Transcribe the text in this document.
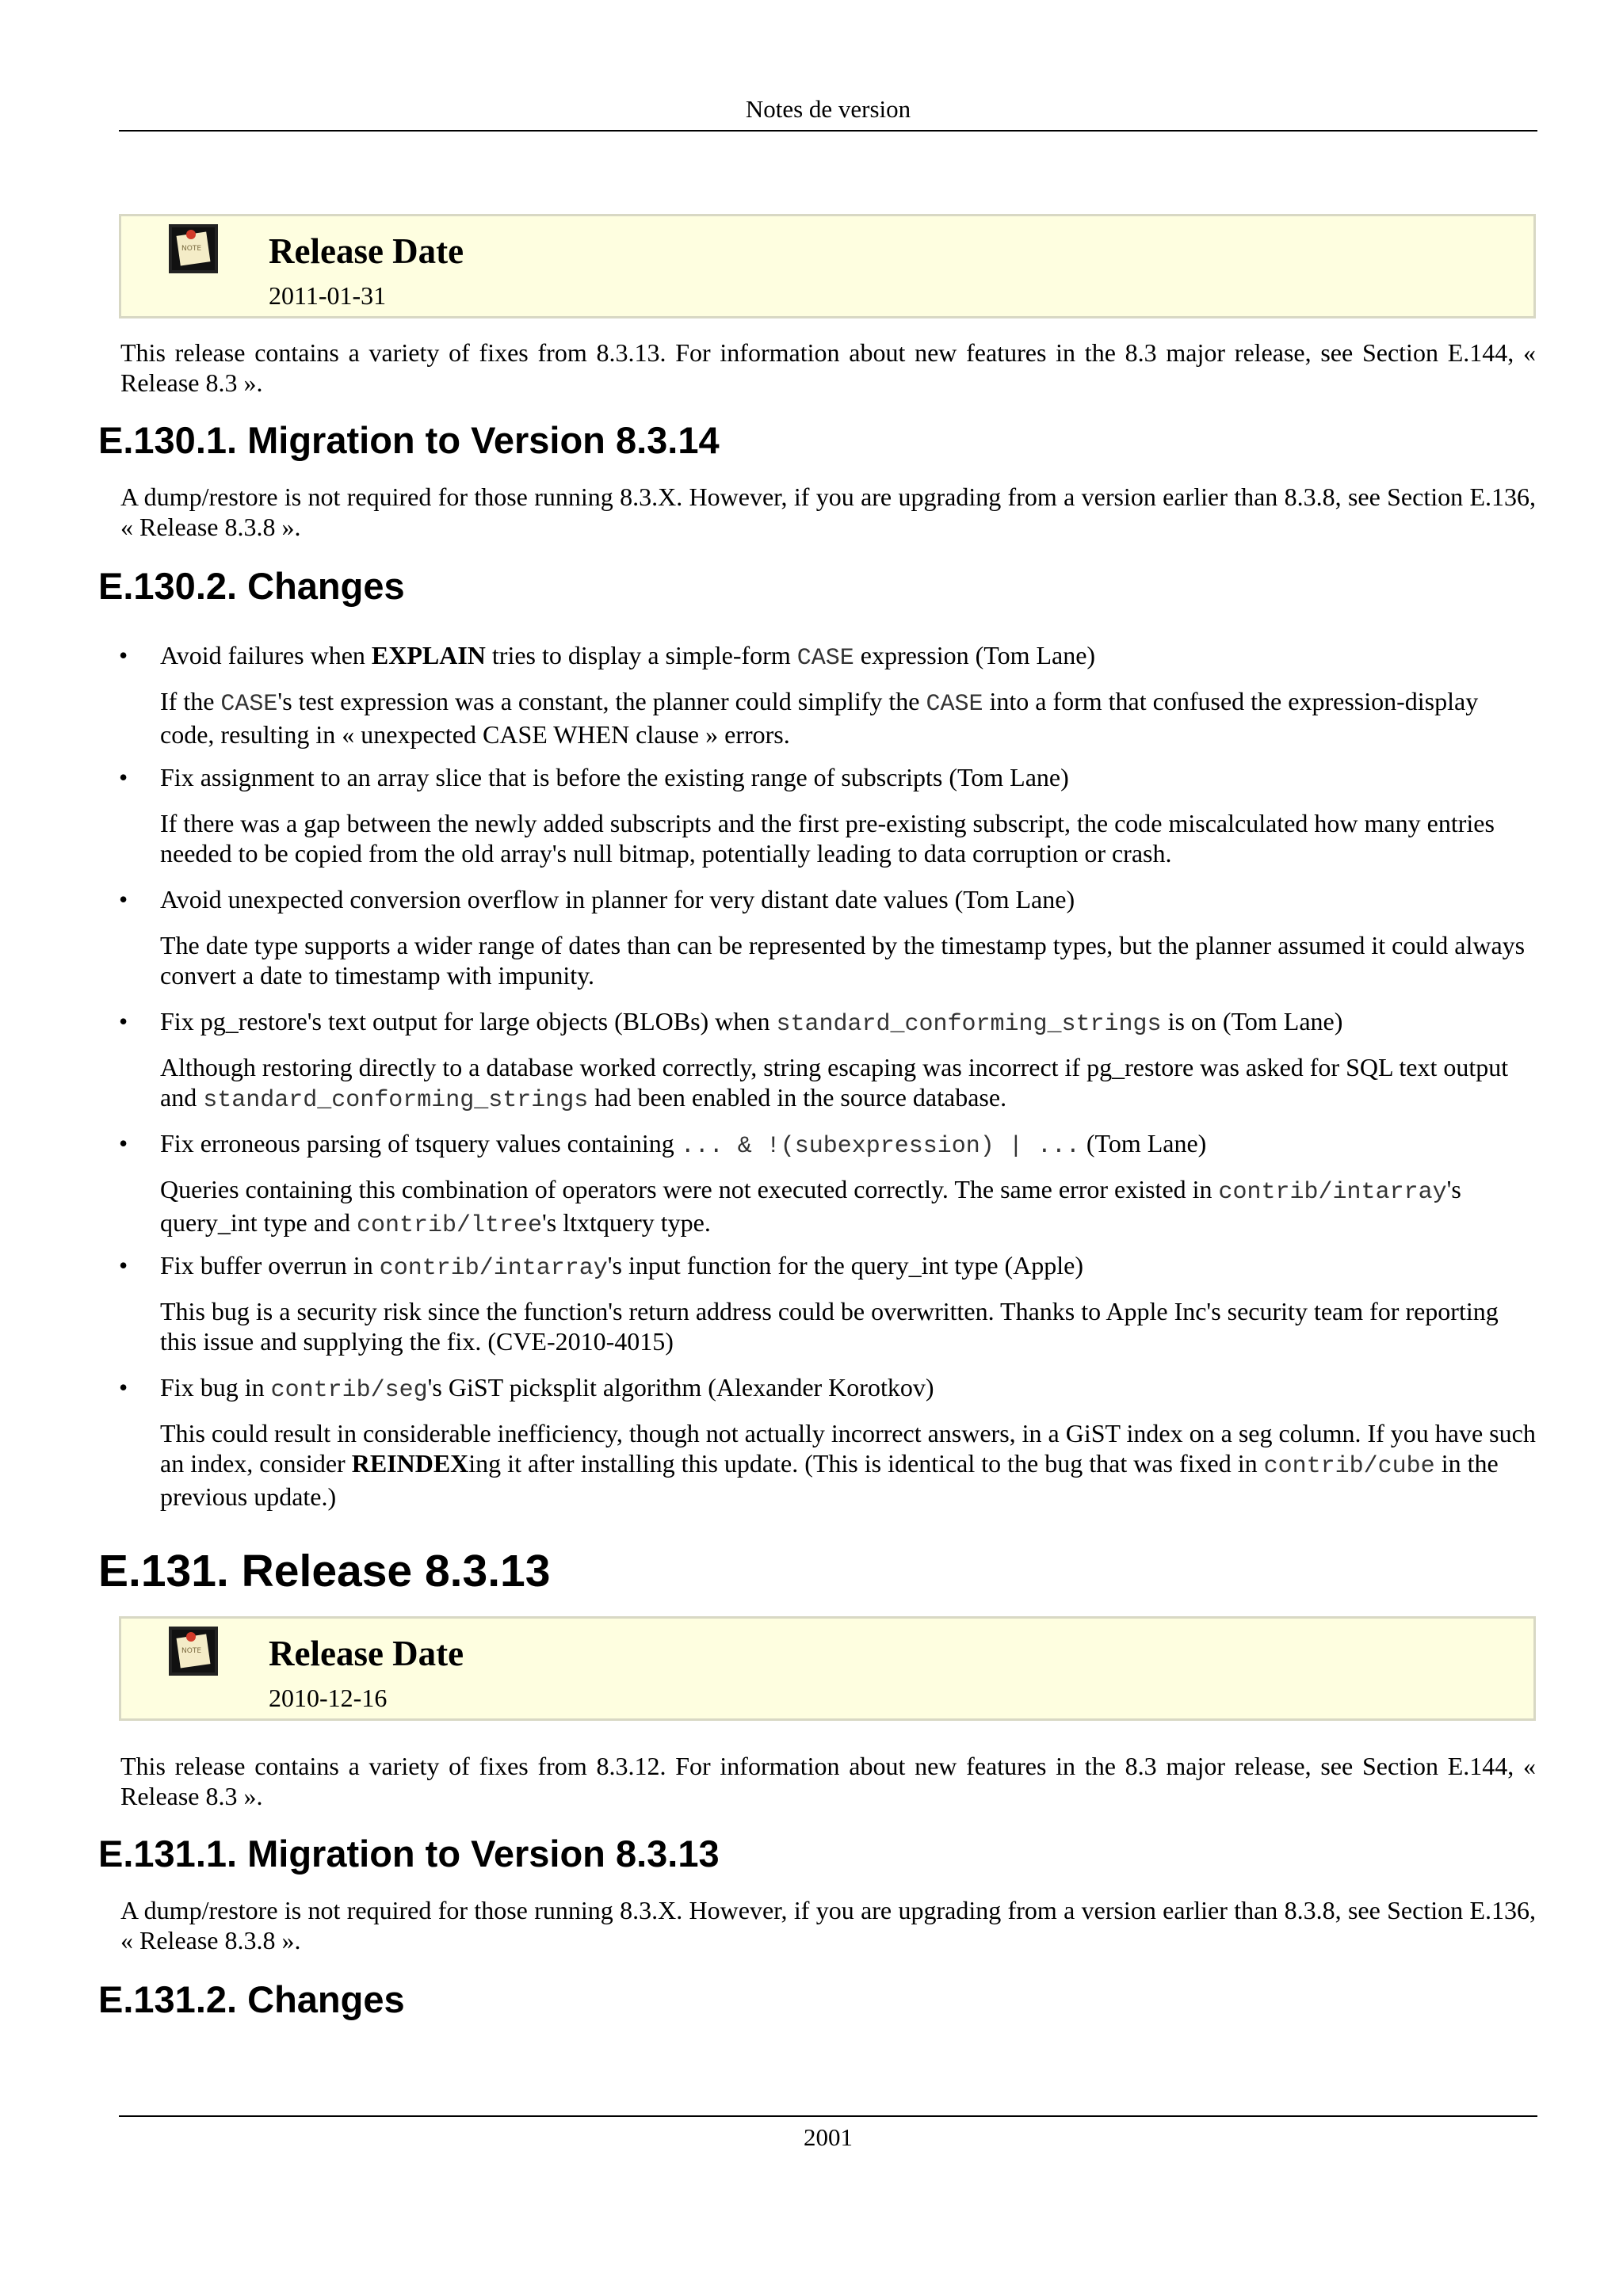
Notes de version
NOTE Release Date
2011-01-31
This release contains a variety of fixes from 8.3.13. For information about new features in the 8.3 major release, see Section E.144, « Release 8.3 ».
E.130.1. Migration to Version 8.3.14
A dump/restore is not required for those running 8.3.X. However, if you are upgrading from a version earlier than 8.3.8, see Section E.136, « Release 8.3.8 ».
E.130.2. Changes
• Avoid failures when EXPLAIN tries to display a simple-form CASE expression (Tom Lane)
If the CASE's test expression was a constant, the planner could simplify the CASE into a form that confused the expression-display code, resulting in « unexpected CASE WHEN clause » errors.
• Fix assignment to an array slice that is before the existing range of subscripts (Tom Lane)
If there was a gap between the newly added subscripts and the first pre-existing subscript, the code miscalculated how many entries needed to be copied from the old array's null bitmap, potentially leading to data corruption or crash.
• Avoid unexpected conversion overflow in planner for very distant date values (Tom Lane)
The date type supports a wider range of dates than can be represented by the timestamp types, but the planner assumed it could always convert a date to timestamp with impunity.
• Fix pg_restore's text output for large objects (BLOBs) when standard_conforming_strings is on (Tom Lane)
Although restoring directly to a database worked correctly, string escaping was incorrect if pg_restore was asked for SQL text output and standard_conforming_strings had been enabled in the source database.
• Fix erroneous parsing of tsquery values containing ... & !(subexpression) | ... (Tom Lane)
Queries containing this combination of operators were not executed correctly. The same error existed in contrib/intarray's query_int type and contrib/ltree's ltxtquery type.
• Fix buffer overrun in contrib/intarray's input function for the query_int type (Apple)
This bug is a security risk since the function's return address could be overwritten. Thanks to Apple Inc's security team for reporting this issue and supplying the fix. (CVE-2010-4015)
• Fix bug in contrib/seg's GiST picksplit algorithm (Alexander Korotkov)
This could result in considerable inefficiency, though not actually incorrect answers, in a GiST index on a seg column. If you have such an index, consider REINDEXing it after installing this update. (This is identical to the bug that was fixed in contrib/cube in the previous update.)
E.131. Release 8.3.13
NOTE Release Date
2010-12-16
This release contains a variety of fixes from 8.3.12. For information about new features in the 8.3 major release, see Section E.144, « Release 8.3 ».
E.131.1. Migration to Version 8.3.13
A dump/restore is not required for those running 8.3.X. However, if you are upgrading from a version earlier than 8.3.8, see Section E.136, « Release 8.3.8 ».
E.131.2. Changes
2001
